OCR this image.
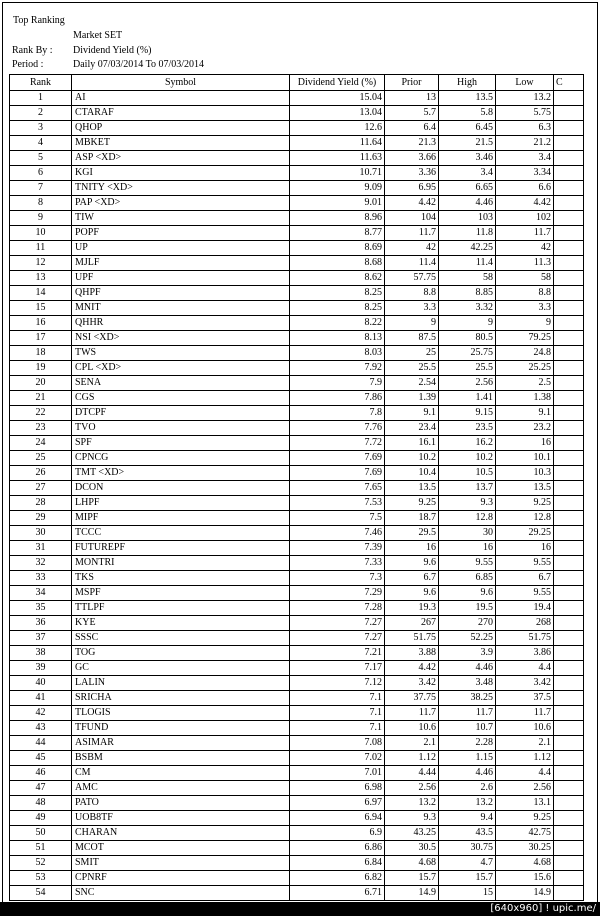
Top Ranking
Market SET
Rank By : Dividend Yield (%)
Period :	Daily 07/03/2014 To 07/03/2014
Rank	Symbol	Dividend Yield (%)	Prior	High	Low	C
1	AI	15.04	13	13.5	13.2	
2	CTARAF	13.04	5.7	5.8	5.75	
3	QHOP	12.6	6.4	6.45	6.3	
4	MBKET	11.64	21.3	21.5	21.2	
5	ASP <XD>	11.63	3.66	3.46	3.4	
6	KGI	10.71	3.36	3.4	3.34	
7	TNITY <XD>	9.09	6.95	6.65	6.6	
8	PAP <XD>	9.01	4.42	4.46	4.42	
9	TIW	8.96	104	103	102	
10	POPF	8.77	11.7	11.8	11.7	
11	UP	8.69	42	42.25	42	
12	MJLF	8.68	11.4	11.4	11.3	
13	UPF	8.62	57.75	58	58	
14	QHPF	8.25	8.8	8.85	8.8	
15	MNIT	8.25	3.3	3.32	3.3	
16	QHHR	8.22	9	9	9	
17	NSI <XD>	8.13	87.5	80.5	79.25	
18	TWS	8.03	25	25.75	24.8	
19	CPL <XD>	7.92	25.5	25.5	25.25	
20	SENA	7.9	2.54	2.56	2.5	
21	CGS	7.86	1.39	1.41	1.38	
22	DTCPF	7.8	9.1	9.15	9.1	
23	TVO	7.76	23.4	23.5	23.2	
24	SPF	7.72	16.1	16.2	16	
25	CPNCG	7.69	10.2	10.2	10.1	
26	TMT <XD>	7.69	10.4	10.5	10.3	
27	DCON	7.65	13.5	13.7	13.5	
28	LHPF	7.53	9.25	9.3	9.25	
29	MIPF	7.5	18.7	12.8	12.8	
30	TCCC	7.46	29.5	30	29.25	
31	FUTUREPF	7.39	16	16	16	
32	MONTRI	7.33	9.6	9.55	9.55	
33	TKS	7.3	6.7	6.85	6.7	
34	MSPF	7.29	9.6	9.6	9.55	
35	TTLPF	7.28	19.3	19.5	19.4	
36	KYE	7.27	267	270	268	
37	SSSC	7.27	51.75	52.25	51.75	
38	TOG	7.21	3.88	3.9	3.86	
39	GC	7.17	4.42	4.46	4.4	
40	LALIN	7.12	3.42	3.48	3.42	
41	SRICHA	7.1	37.75	38.25	37.5	
42	TLOGIS	7.1	11.7	11.7	11.7	
43	TFUND	7.1	10.6	10.7	10.6	
44	ASIMAR	7.08	2.1	2.28	2.1	
45	BSBM	7.02	1.12	1.15	1.12	
46	CM	7.01	4.44	4.46	4.4	
47	AMC	6.98	2.56	2.6	2.56	
48	PATO	6.97	13.2	13.2	13.1	
49	UOB8TF	6.94	9.3	9.4	9.25	
50	CHARAN	6.9	43.25	43.5	42.75	
51	MCOT	6.86	30.5	30.75	30.25	
52	SMIT	6.84	4.68	4.7	4.68	
53	CPNRF	6.82	15.7	15.7	15.6	
54	SNC	6.71	14.9	15	14.9	
[640x960] ! upic.me/
